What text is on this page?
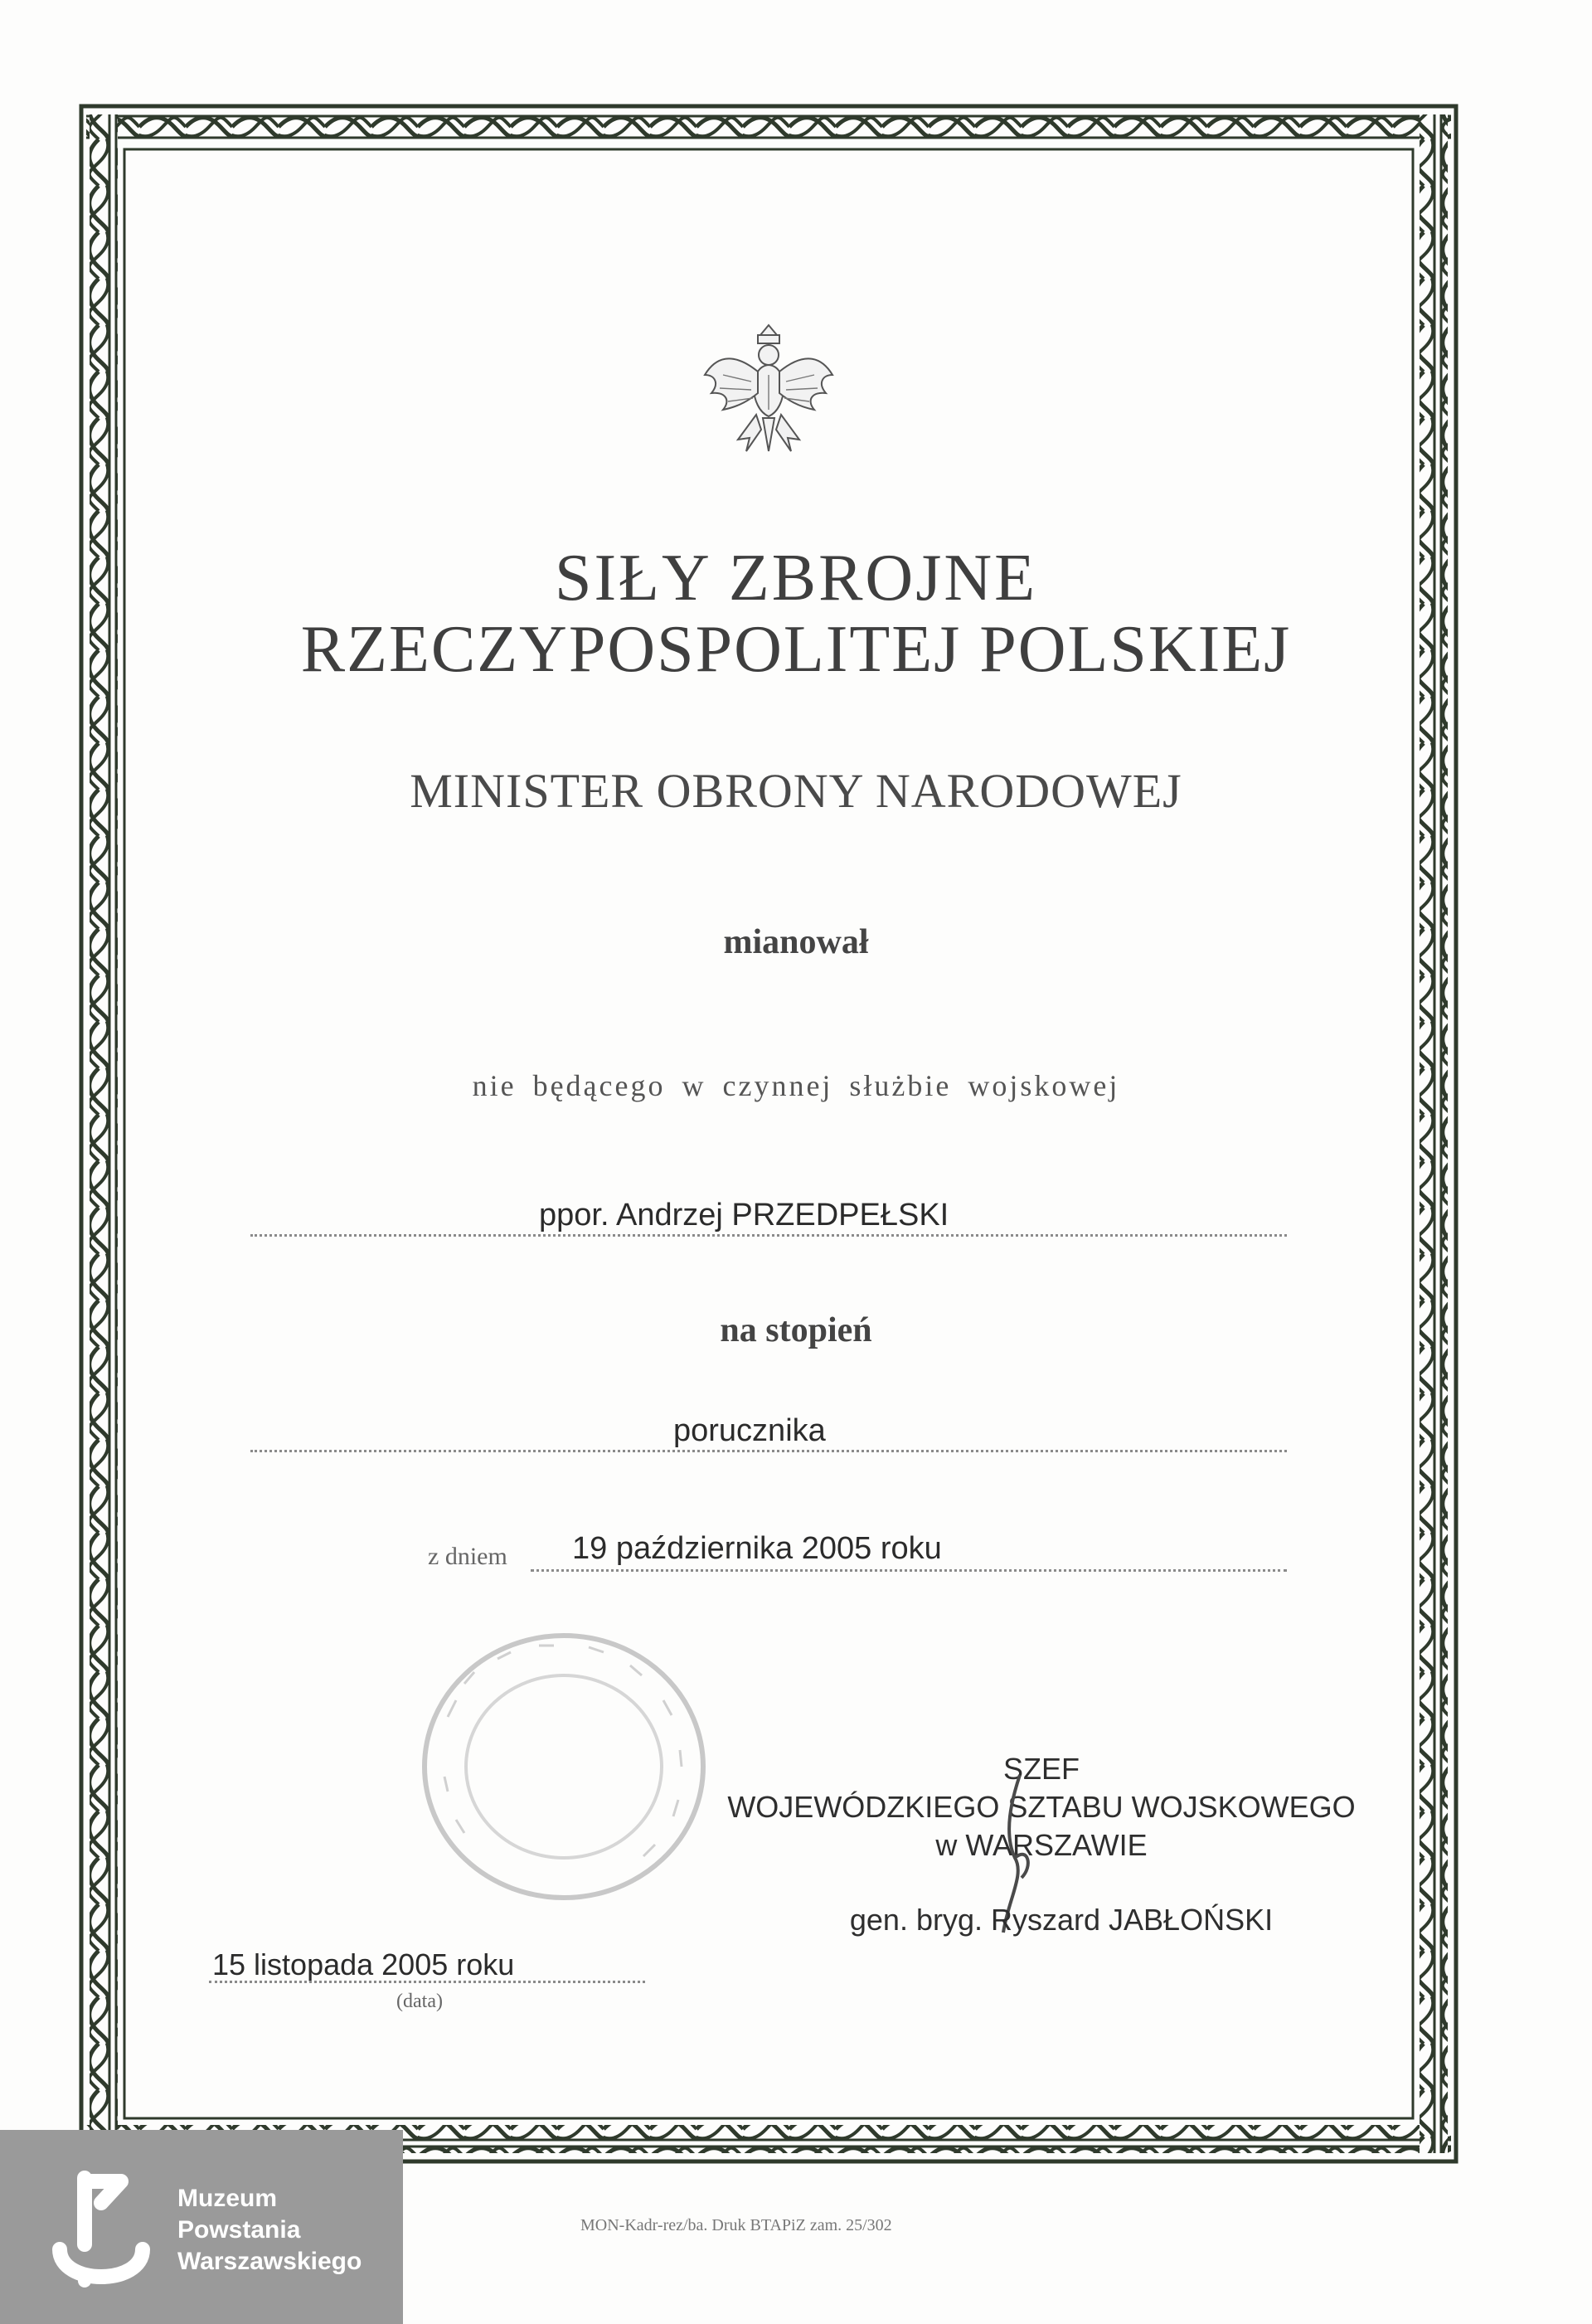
SIŁY ZBROJNE
RZECZYPOSPOLITEJ POLSKIEJ
MINISTER OBRONY NARODOWEJ
mianował
nie będącego w czynnej służbie wojskowej
ppor. Andrzej PRZEDPEŁSKI
na stopień
porucznika
z dniem 19 października 2005 roku
SZEF
WOJEWÓDZKIEGO SZTABU WOJSKOWEGO
w WARSZAWIE
gen. bryg. Ryszard JABŁOŃSKI
15 listopada 2005 roku
(data)
MON-Kadr-rez/ba. Druk BTAPiZ zam. 25/302
Muzeum
Powstania
Warszawskiego
